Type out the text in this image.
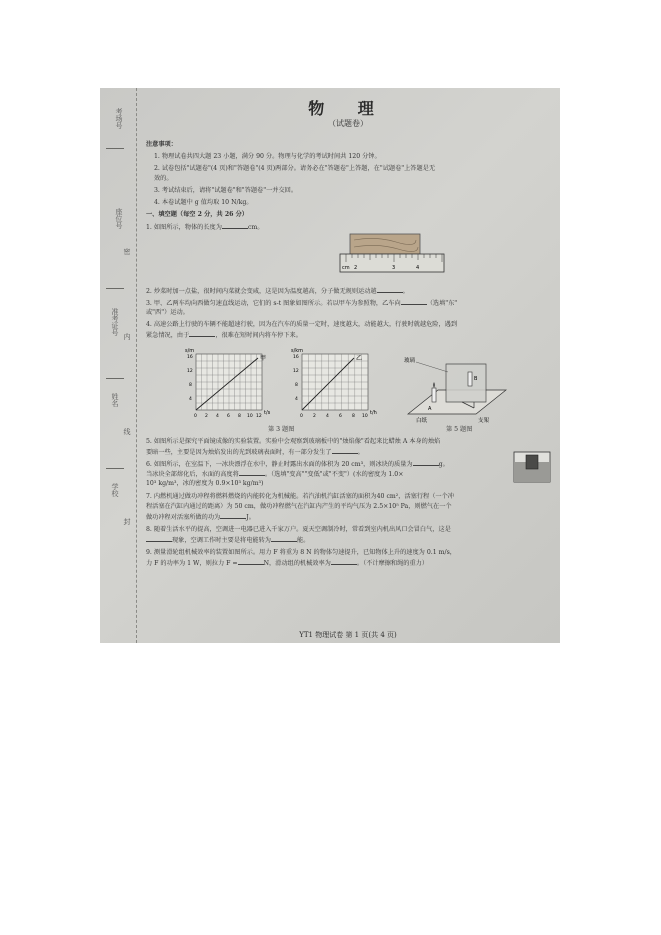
考场号
座位号
密
准考证号
内
姓名
线
学校
封
物 理
（试题卷）
注意事项：
1. 物理试卷共四大题 23 小题，满分 90 分。物理与化学的考试时间共 120 分钟。
2. 试卷包括"试题卷"(4 页)和"答题卷"(4 页)两部分。请务必在"答题卷"上答题，在"试题卷"上答题是无
效的。
3. 考试结束后，请将"试题卷"和"答题卷"一并交回。
4. 本卷试题中 g 值均取 10 N/kg。
一、填空题（每空 2 分，共 26 分）
1. 如图所示，物体的长度为	cm。
cm 2	3	4
2. 炒菜时加一点盐，很时间内菜就会变咸，这是因为温度越高，分子做无规则运动越	。
3. 甲、乙两车均向西做匀速直线运动，它们的 s-t 图象如图所示。若以甲车为参照物，乙车向	（选填"东"
或"西"）运动。
4. 高速公路上行驶的车辆不能超速行驶，因为在汽车的质量一定时，速度越大，动能越大，行驶时就越危险，遇到
紧急情况，由于	，很难在短时间内将车停下来。
s/m
t/s
甲
4
8
12
16
0 2 4 6 8 10 12
s/km
t/h
乙
4
8
12
16
0 2 4 6 8 10
玻璃
白纸	支架
A
B
第 3 题图	第 5 题图
5. 如图所示是探究平面镜成像的实验装置。实验中会观察到玻璃板中的"烛焰像"看起来比蜡烛 A 本身的烛焰
要暗一些，主要是因为烛焰发出的光到玻璃表面时，有一部分发生了	。
6. 如图所示，在室温下，一冰块漂浮在水中，静止时露出水面的体积为 20 cm³，则冰块的质量为	g。
当冰块全部熔化后，水面的高度将	。（选填"变高""变低"或"不变"）(水的密度为 1.0×
10³ kg/m³，冰的密度为 0.9×10³ kg/m³)
7. 内燃机通过做功冲程将燃料燃烧的内能转化为机械能。若汽油机汽缸活塞的面积为40 cm²，活塞行程（一个冲
程活塞在汽缸内通过的距离）为 50 cm，做功冲程燃气在汽缸内产生的平均气压为 2.5×10⁵ Pa，则燃气在一个
做功冲程对活塞所做的功为	J。
8. 随着生活水平的提高，空调进一电器已进入千家万户。夏天空调制冷时，常看到室内机出风口会冒白气，这是
现象，空调工作时主要是将电能转为	能。
9. 测量滑轮组机械效率的装置如图所示。用力 F 将重为 8 N 的物体匀速提升，已知物体上升的速度为 0.1 m/s，
力 F 的功率为 1 W，则拉力 F =	N，滑动组的机械效率为	。（不计摩擦和绳的重力）
YT1 物理试卷 第 1 页(共 4 页)
